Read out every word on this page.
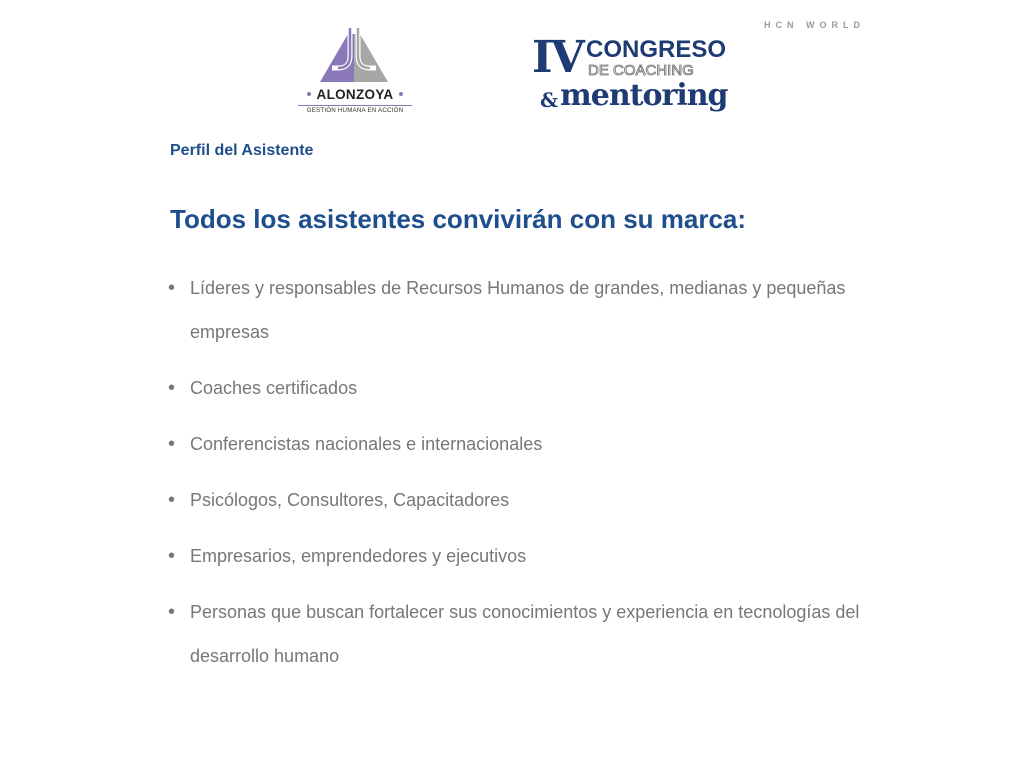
HCN WORLD
ALONZOYA
GESTIÓN HUMANA EN ACCIÓN
IV CONGRESO
DE COACHING
& mentoring
Perfil del Asistente
Todos los asistentes convivirán con su marca:
• Líderes y responsables de Recursos Humanos de grandes, medianas y pequeñas empresas
• Coaches certificados
• Conferencistas nacionales e internacionales
• Psicólogos, Consultores, Capacitadores
• Empresarios, emprendedores y ejecutivos
• Personas que buscan fortalecer sus conocimientos y experiencia en tecnologías del desarrollo humano
